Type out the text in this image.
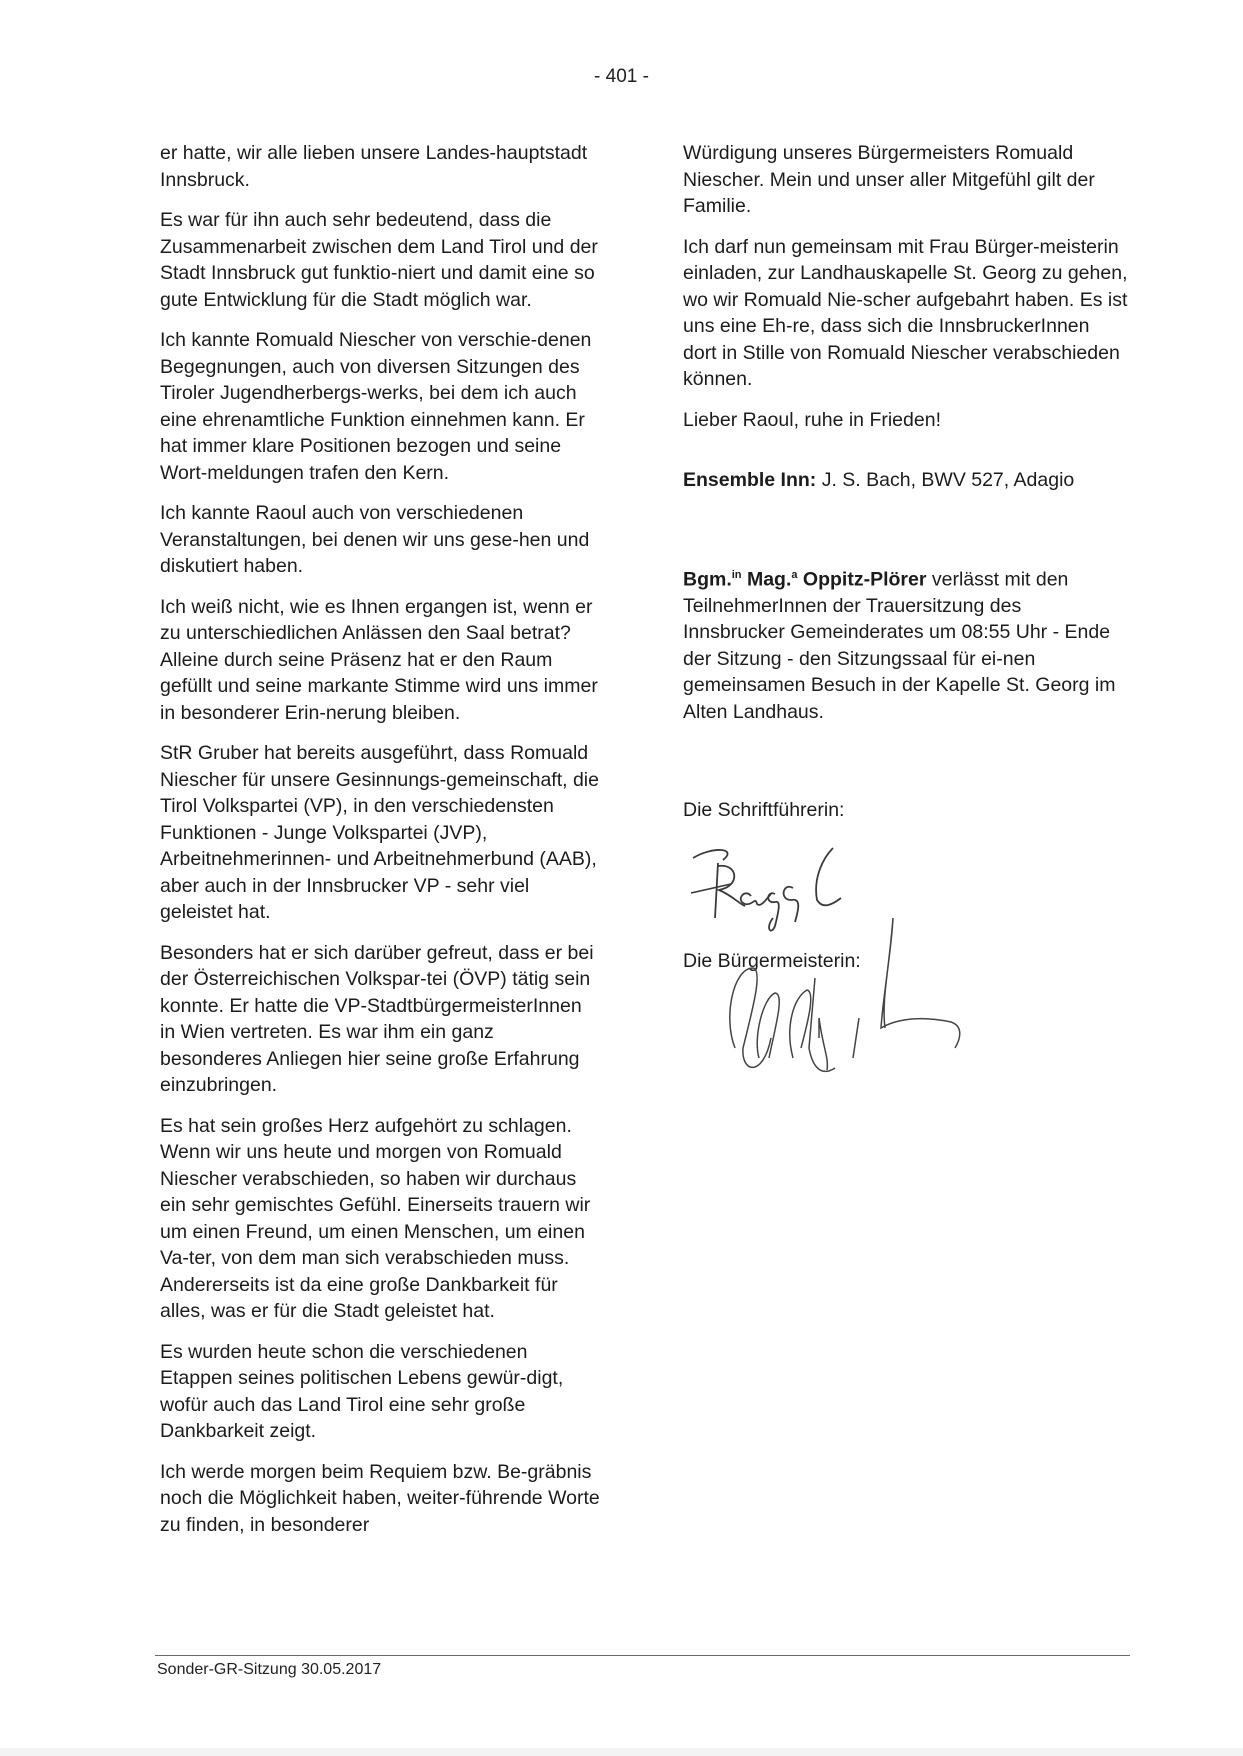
- 401 -

er hatte, wir alle lieben unsere Landes-hauptstadt Innsbruck.

Es war für ihn auch sehr bedeutend, dass die Zusammenarbeit zwischen dem Land Tirol und der Stadt Innsbruck gut funktio-niert und damit eine so gute Entwicklung für die Stadt möglich war.

Ich kannte Romuald Niescher von verschie-denen Begegnungen, auch von diversen Sitzungen des Tiroler Jugendherbergs-werks, bei dem ich auch eine ehrenamtliche Funktion einnehmen kann. Er hat immer klare Positionen bezogen und seine Wort-meldungen trafen den Kern.

Ich kannte Raoul auch von verschiedenen Veranstaltungen, bei denen wir uns gese-hen und diskutiert haben.

Ich weiß nicht, wie es Ihnen ergangen ist, wenn er zu unterschiedlichen Anlässen den Saal betrat? Alleine durch seine Präsenz hat er den Raum gefüllt und seine markante Stimme wird uns immer in besonderer Erin-nerung bleiben.

StR Gruber hat bereits ausgeführt, dass Romuald Niescher für unsere Gesinnungs-gemeinschaft, die Tirol Volkspartei (VP), in den verschiedensten Funktionen - Junge Volkspartei (JVP), Arbeitnehmerinnen- und Arbeitnehmerbund (AAB), aber auch in der Innsbrucker VP - sehr viel geleistet hat.

Besonders hat er sich darüber gefreut, dass er bei der Österreichischen Volkspar-tei (ÖVP) tätig sein konnte. Er hatte die VP-StadtbürgermeisterInnen in Wien vertreten. Es war ihm ein ganz besonderes Anliegen hier seine große Erfahrung einzubringen.

Es hat sein großes Herz aufgehört zu schlagen. Wenn wir uns heute und morgen von Romuald Niescher verabschieden, so haben wir durchaus ein sehr gemischtes Gefühl. Einerseits trauern wir um einen Freund, um einen Menschen, um einen Va-ter, von dem man sich verabschieden muss. Andererseits ist da eine große Dankbarkeit für alles, was er für die Stadt geleistet hat.

Es wurden heute schon die verschiedenen Etappen seines politischen Lebens gewür-digt, wofür auch das Land Tirol eine sehr große Dankbarkeit zeigt.

Ich werde morgen beim Requiem bzw. Be-gräbnis noch die Möglichkeit haben, weiter-führende Worte zu finden, in besonderer

Würdigung unseres Bürgermeisters Romuald Niescher. Mein und unser aller Mitgefühl gilt der Familie.

Ich darf nun gemeinsam mit Frau Bürger-meisterin einladen, zur Landhauskapelle St. Georg zu gehen, wo wir Romuald Nie-scher aufgebahrt haben. Es ist uns eine Eh-re, dass sich die InnsbruckerInnen dort in Stille von Romuald Niescher verabschieden können.

Lieber Raoul, ruhe in Frieden!

Ensemble Inn: J. S. Bach, BWV 527, Adagio

Bgm.$^{in}$ Mag.$^a$ Oppitz-Plörer verlässt mit den TeilnehmerInnen der Trauersitzung des Innsbrucker Gemeinderates um 08:55 Uhr - Ende der Sitzung - den Sitzungssaal für ei-nen gemeinsamen Besuch in der Kapelle St. Georg im Alten Landhaus.

Die Schriftführerin:

Die Bürgermeisterin:
Sonder-GR-Sitzung 30.05.2017
